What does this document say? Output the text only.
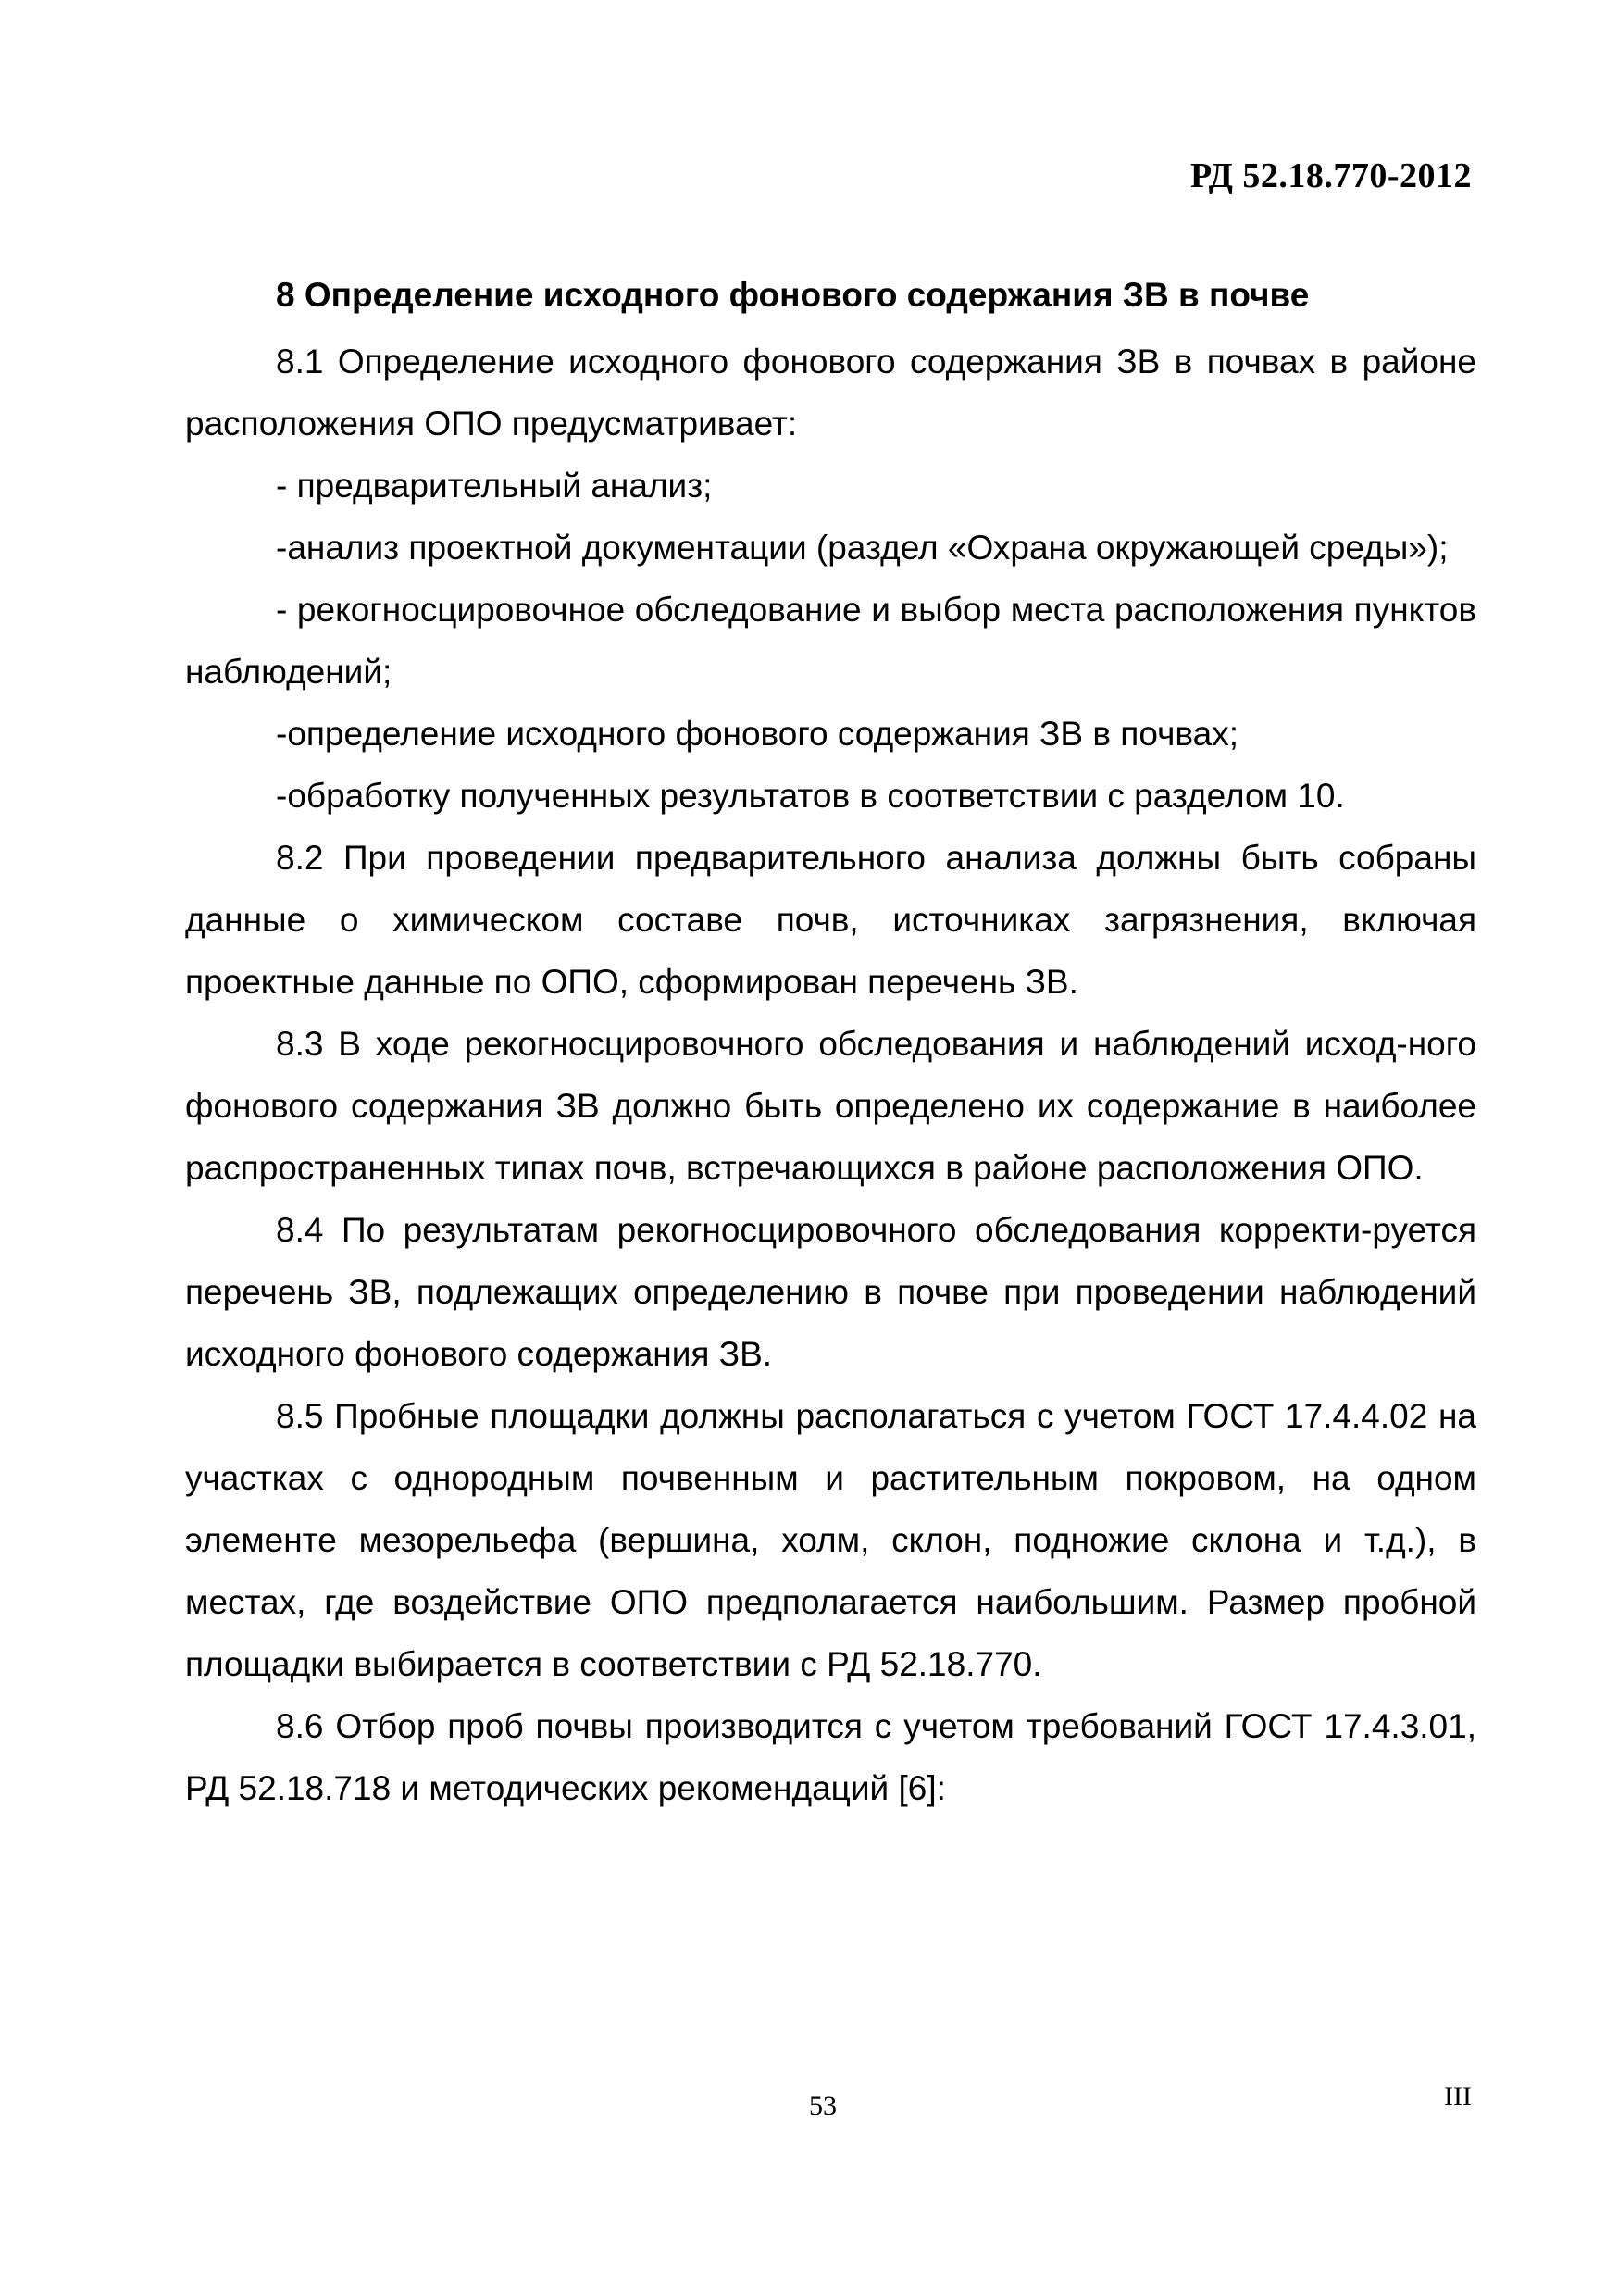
РД 52.18.770-2012
8 Определение исходного фонового содержания ЗВ в почве

8.1 Определение исходного фонового содержания ЗВ в почвах в районе расположения ОПО предусматривает:

- предварительный анализ;

-анализ проектной документации (раздел «Охрана окружающей среды»);

- рекогносцировочное обследование и выбор места расположения пунктов наблюдений;

-определение исходного фонового содержания ЗВ в почвах;

-обработку полученных результатов в соответствии с разделом 10.

8.2 При проведении предварительного анализа должны быть собраны данные о химическом составе почв, источниках загрязнения, включая проектные данные по ОПО, сформирован перечень ЗВ.

8.3 В ходе рекогносцировочного обследования и наблюдений исход-ного фонового содержания ЗВ должно быть определено их содержание в наиболее распространенных типах почв, встречающихся в районе расположения ОПО.

8.4 По результатам рекогносцировочного обследования корректи-руется перечень ЗВ, подлежащих определению в почве при проведении наблюдений исходного фонового содержания ЗВ.

8.5 Пробные площадки должны располагаться с учетом ГОСТ 17.4.4.02 на участках с однородным почвенным и растительным покровом, на одном элементе мезорельефа (вершина, холм, склон, подножие склона и т.д.), в местах, где воздействие ОПО предполагается наибольшим. Размер пробной площадки выбирается в соответствии с РД 52.18.770.

8.6 Отбор проб почвы производится с учетом требований ГОСТ 17.4.3.01, РД 52.18.718 и методических рекомендаций [6]:

53	III
